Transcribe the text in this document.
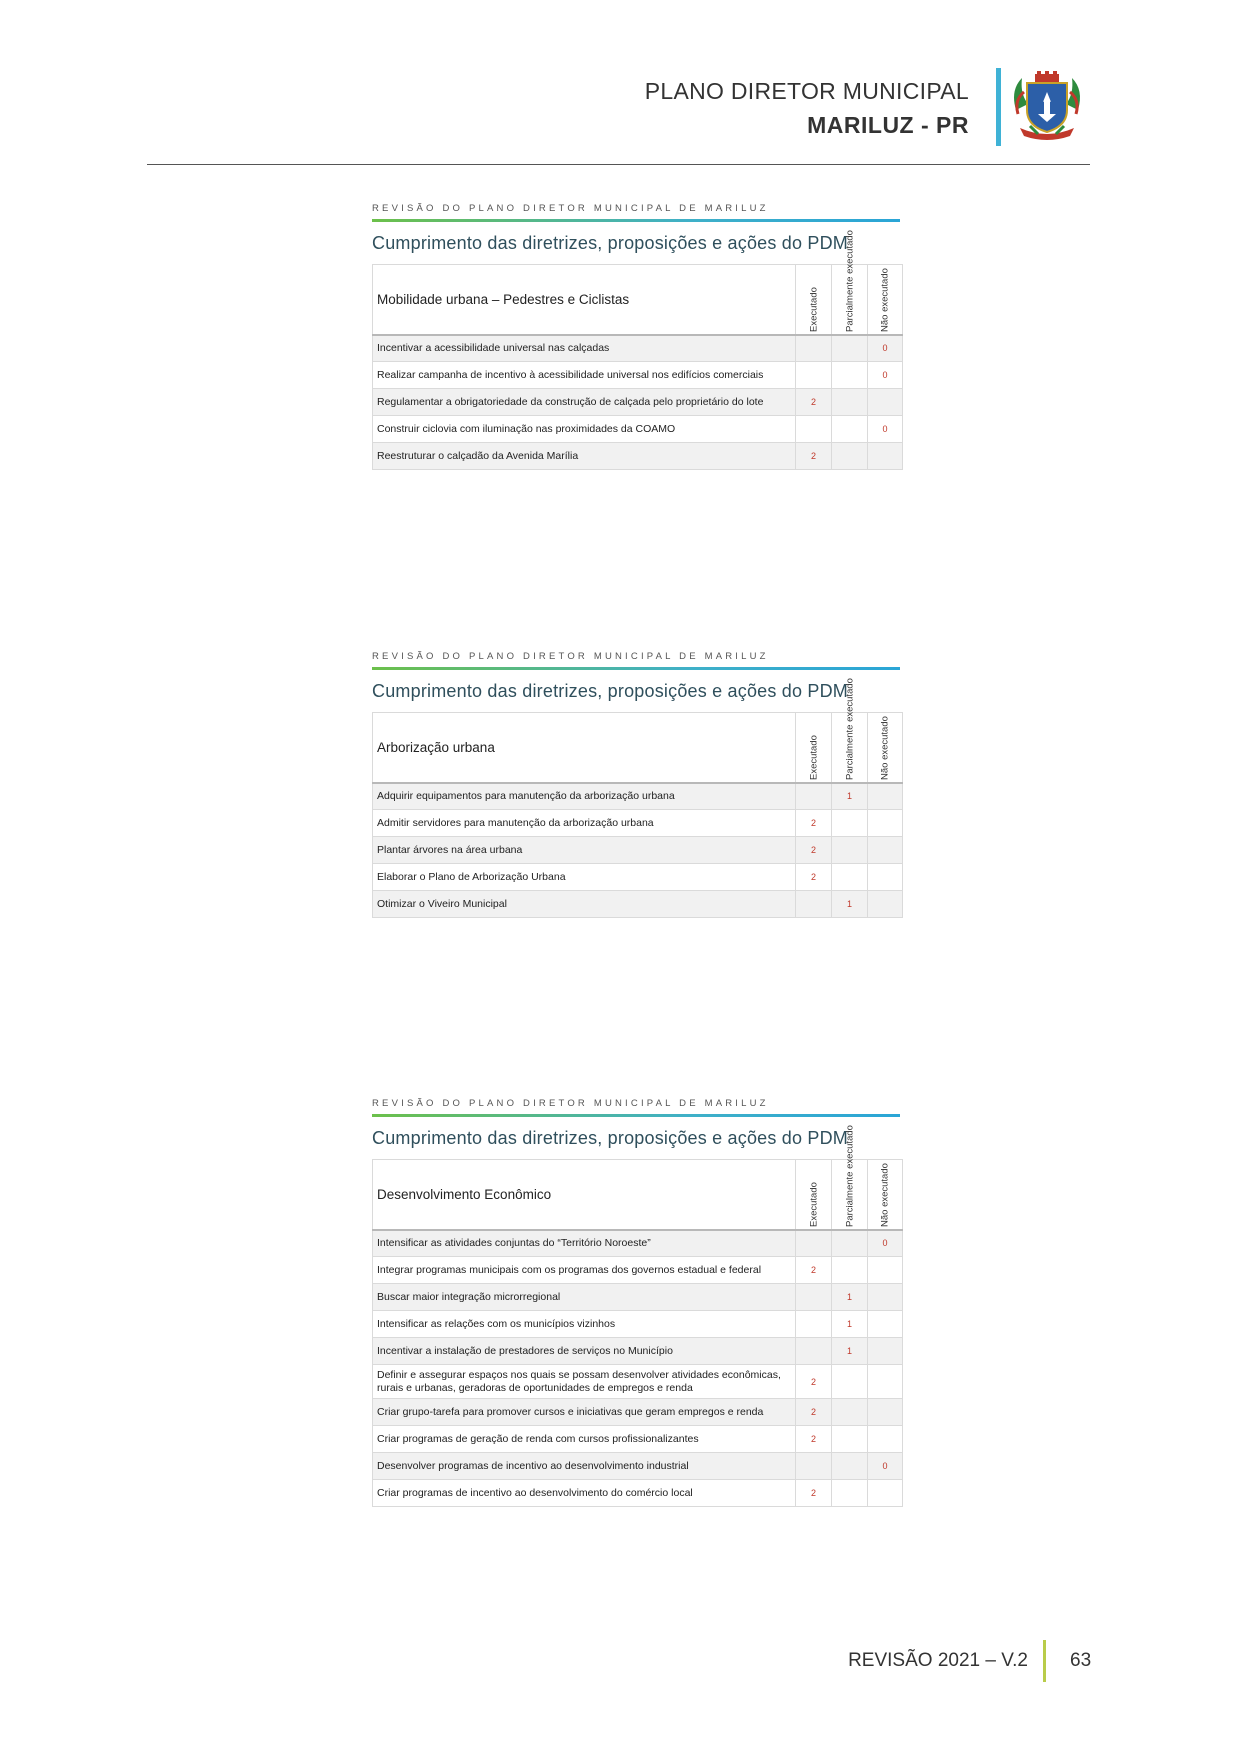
PLANO DIRETOR MUNICIPAL
MARILUZ - PR
REVISÃO DO PLANO DIRETOR MUNICIPAL DE MARILUZ
Cumprimento das diretrizes, proposições e ações do PDM
Mobilidade urbana – Pedestres e Ciclistas	Executado	Parcialmente executado	Não executado

Incentivar a acessibilidade universal nas calçadas			0
Realizar campanha de incentivo à acessibilidade universal nos edifícios comerciais			0
Regulamentar a obrigatoriedade da construção de calçada pelo proprietário do lote	2		
Construir ciclovia com iluminação nas proximidades da COAMO			0
Reestruturar o calçadão da Avenida Marília	2		
REVISÃO DO PLANO DIRETOR MUNICIPAL DE MARILUZ
Cumprimento das diretrizes, proposições e ações do PDM
Arborização urbana	Executado	Parcialmente executado	Não executado

Adquirir equipamentos para manutenção da arborização urbana		1	
Admitir servidores para manutenção da arborização urbana	2		
Plantar árvores na área urbana	2		
Elaborar o Plano de Arborização Urbana	2		
Otimizar o Viveiro Municipal		1	
REVISÃO DO PLANO DIRETOR MUNICIPAL DE MARILUZ
Cumprimento das diretrizes, proposições e ações do PDM
Desenvolvimento Econômico	Executado	Parcialmente executado	Não executado

Intensificar as atividades conjuntas do “Território Noroeste”			0
Integrar programas municipais com os programas dos governos estadual e federal	2		
Buscar maior integração microrregional		1	
Intensificar as relações com os municípios vizinhos		1	
Incentivar a instalação de prestadores de serviços no Município		1	
Definir e assegurar espaços nos quais se possam desenvolver atividades econômicas, rurais e urbanas, geradoras de oportunidades de empregos e renda	2		
Criar grupo-tarefa para promover cursos e iniciativas que geram empregos e renda	2		
Criar programas de geração de renda com cursos profissionalizantes	2		
Desenvolver programas de incentivo ao desenvolvimento industrial			0
Criar programas de incentivo ao desenvolvimento do comércio local	2		
REVISÃO 2021 – V.2 63
